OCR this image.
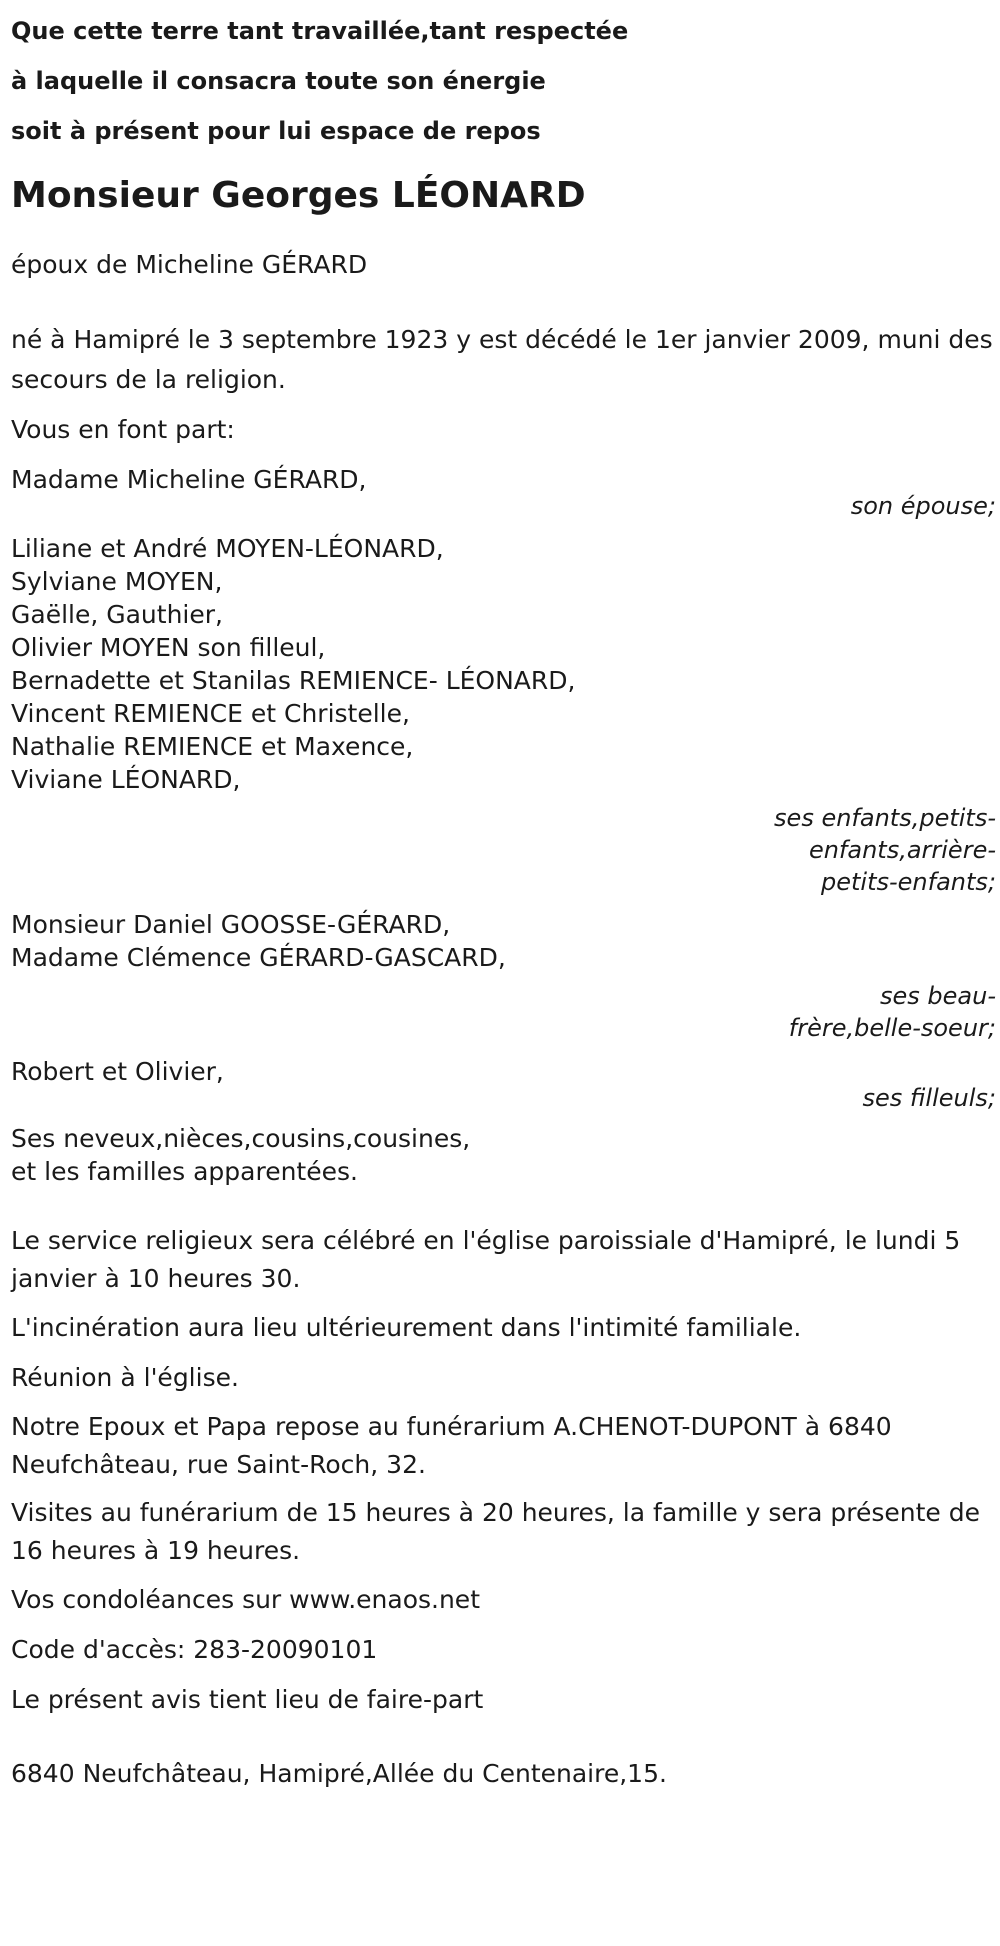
Que cette terre tant travaillée,tant respectée
à laquelle il consacra toute son énergie
soit à présent pour lui espace de repos
Monsieur Georges LÉONARD
époux de Micheline GÉRARD
né à Hamipré le 3 septembre 1923 y est décédé le 1er janvier 2009, muni des secours de la religion.
Vous en font part:
Madame Micheline GÉRARD,
son épouse;
Liliane et André MOYEN-LÉONARD,
Sylviane MOYEN,
Gaëlle, Gauthier,
Olivier MOYEN son filleul,
Bernadette et Stanilas REMIENCE- LÉONARD,
Vincent REMIENCE et Christelle,
Nathalie REMIENCE et Maxence,
Viviane LÉONARD,
ses enfants,petits-enfants,arrière-petits-enfants;
Monsieur Daniel GOOSSE-GÉRARD,
Madame Clémence GÉRARD-GASCARD,
ses beau-frère,belle-soeur;
Robert et Olivier,
ses filleuls;
Ses neveux,nièces,cousins,cousines,
et les familles apparentées.
Le service religieux sera célébré en l'église paroissiale d'Hamipré, le lundi 5 janvier à 10 heures 30.
L'incinération aura lieu ultérieurement dans l'intimité familiale.
Réunion à l'église.
Notre Epoux et Papa repose au funérarium A.CHENOT-DUPONT à 6840 Neufchâteau, rue Saint-Roch, 32.
Visites au funérarium de 15 heures à 20 heures, la famille y sera présente de 16 heures à 19 heures.
Vos condoléances sur www.enaos.net
Code d'accès: 283-20090101
Le présent avis tient lieu de faire-part
6840 Neufchâteau, Hamipré,Allée du Centenaire,15.
